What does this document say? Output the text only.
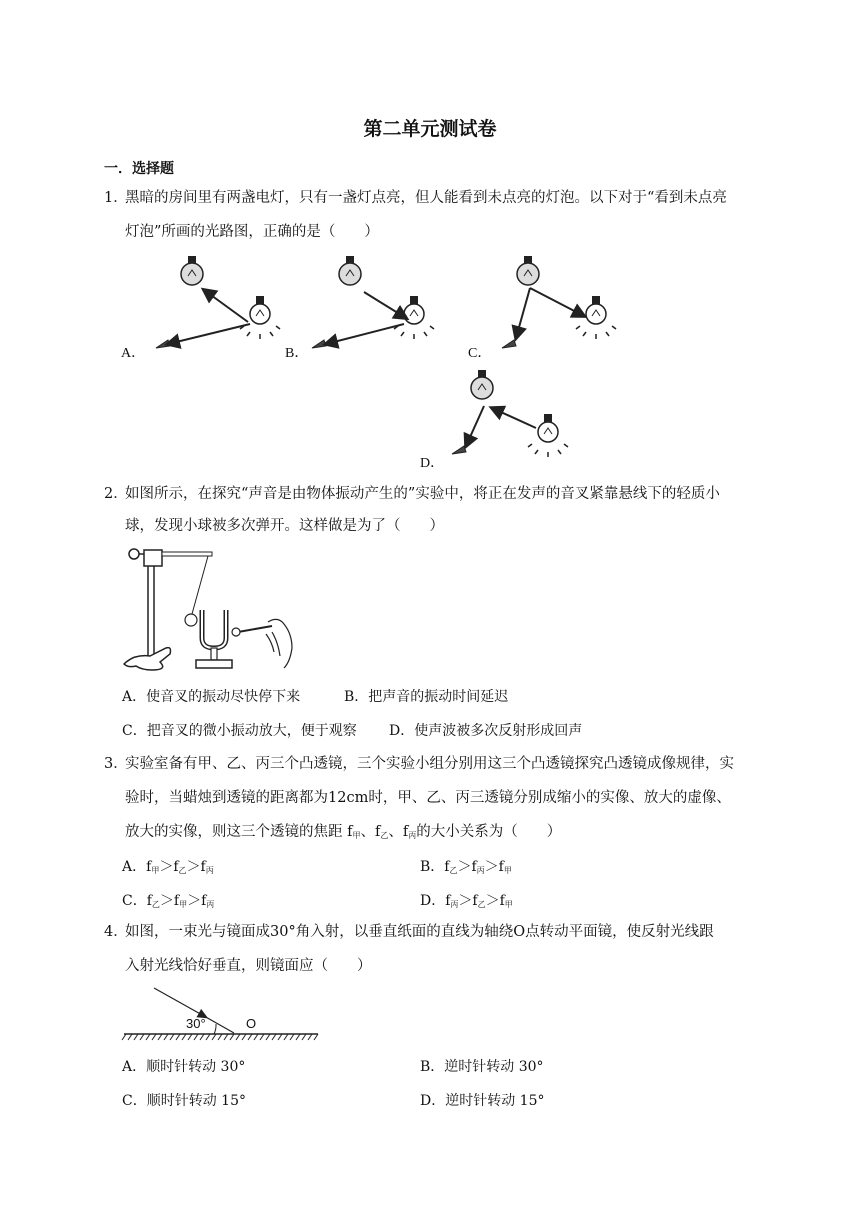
第二单元测试卷
一．选择题
1．
黑暗的房间里有两盏电灯，只有一盏灯点亮，但人能看到未点亮的灯泡。以下对于“看到未点亮
灯泡”所画的光路图，正确的是（　　）
A．	B．	C．
D．
2．
如图所示，在探究“声音是由物体振动产生的”实验中，将正在发声的音叉紧靠悬线下的轻质小
球，发现小球被多次弹开。这样做是为了（　　）
A．使音叉的振动尽快停下来	B．把声音的振动时间延迟
C．把音叉的微小振动放大，便于观察 D．使声波被多次反射形成回声
3．
实验室备有甲、乙、丙三个凸透镜，三个实验小组分别用这三个凸透镜探究凸透镜成像规律，实
验时，当蜡烛到透镜的距离都为12cm时，甲、乙、丙三透镜分别成缩小的实像、放大的虚像、
放大的实像，则这三个透镜的焦距 $f_甲$、$f_乙$、$f_丙$的大小关系为（　　）
A．$f_甲>f_乙>f_丙$	B．$f_乙>f_丙>f_甲$
C．$f_乙>f_甲>f_丙$	D．$f_丙>f_乙>f_甲$
4．
如图，一束光与镜面成30°角入射，以垂直纸面的直线为轴绕O点转动平面镜，使反射光线跟
入射光线恰好垂直，则镜面应（　　）
30°	O
A．顺时针转动 30°	B．逆时针转动 30°
C．顺时针转动 15°	D．逆时针转动 15°
